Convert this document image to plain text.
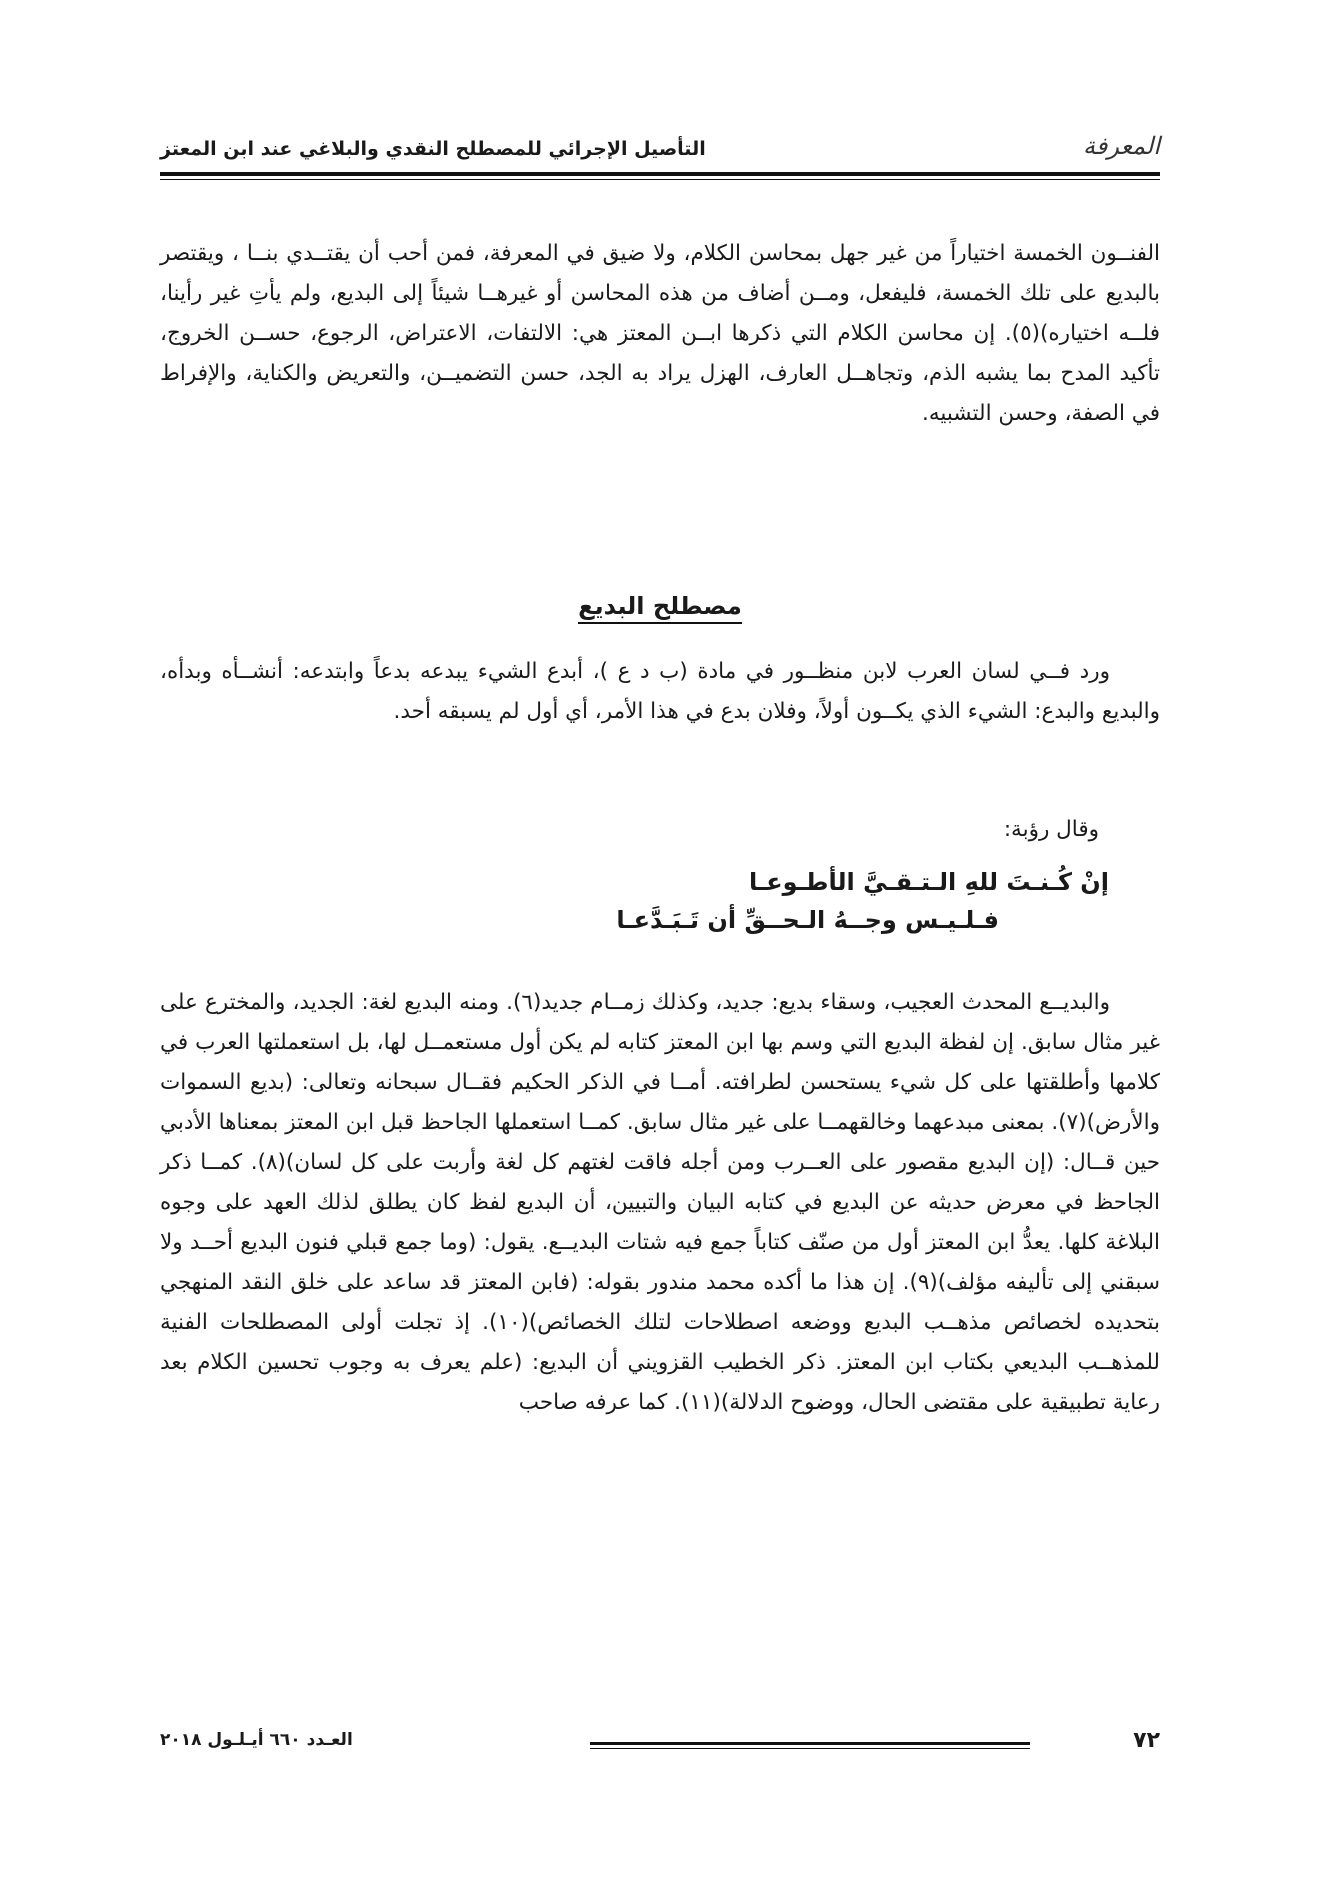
المعرفة
التأصيل الإجرائي للمصطلح النقدي والبلاغي عند ابن المعتز

الفنــون الخمسة اختياراً من غير جهل بمحاسن الكلام، ولا ضيق في المعرفة، فمن أحب أن يقتــدي بنــا ، ويقتصر بالبديع على تلك الخمسة، فليفعل، ومــن أضاف من هذه المحاسن أو غيرهــا شيئاً إلى البديع، ولم يأتِ غير رأينا، فلــه اختياره)(٥). إن محاسن الكلام التي ذكرها ابــن المعتز هي: الالتفات، الاعتراض، الرجوع، حســن الخروج، تأكيد المدح بما يشبه الذم، وتجاهــل العارف، الهزل يراد به الجد، حسن التضميــن، والتعريض والكناية، والإفراط في الصفة، وحسن التشبيه.

مصطلح البديع

ورد فــي لسان العرب لابن منظــور في مادة (ب د ع )، أبدع الشيء يبدعه بدعاً وابتدعه: أنشــأه وبدأه، والبديع والبدع: الشيء الذي يكــون أولاً، وفلان بدع في هذا الأمر، أي أول لم يسبقه أحد.

وقال رؤبة:
إنْ كُـنـتَ للهِ الـتـقـيَّ الأطـوعـا
فـلـيـس وجــهُ الـحــقِّ أن تَـبَـدَّعـا

والبديــع المحدث العجيب، وسقاء بديع: جديد، وكذلك زمــام جديد(٦). ومنه البديع لغة: الجديد، والمخترع على غير مثال سابق. إن لفظة البديع التي وسم بها ابن المعتز كتابه لم يكن أول مستعمــل لها، بل استعملتها العرب في كلامها وأطلقتها على كل شيء يستحسن لطرافته. أمــا في الذكر الحكيم فقــال سبحانه وتعالى: (بديع السموات والأرض)(٧). بمعنى مبدعهما وخالقهمــا على غير مثال سابق. كمــا استعملها الجاحظ قبل ابن المعتز بمعناها الأدبي حين قــال: (إن البديع مقصور على العــرب ومن أجله فاقت لغتهم كل لغة وأربت على كل لسان)(٨). كمــا ذكر الجاحظ في معرض حديثه عن البديع في كتابه البيان والتبيين، أن البديع لفظ كان يطلق لذلك العهد على وجوه البلاغة كلها. يعدُّ ابن المعتز أول من صنّف كتاباً جمع فيه شتات البديــع. يقول: (وما جمع قبلي فنون البديع أحــد ولا سبقني إلى تأليفه مؤلف)(٩). إن هذا ما أكده محمد مندور بقوله: (فابن المعتز قد ساعد على خلق النقد المنهجي بتحديده لخصائص مذهــب البديع ووضعه اصطلاحات لتلك الخصائص)(١٠). إذ تجلت أولى المصطلحات الفنية للمذهــب البديعي بكتاب ابن المعتز. ذكر الخطيب القزويني أن البديع: (علم يعرف به وجوب تحسين الكلام بعد رعاية تطبيقية على مقتضى الحال، ووضوح الدلالة)(١١). كما عرفه صاحب

٧٢
العـدد ٦٦٠ أيـلـول ٢٠١٨
